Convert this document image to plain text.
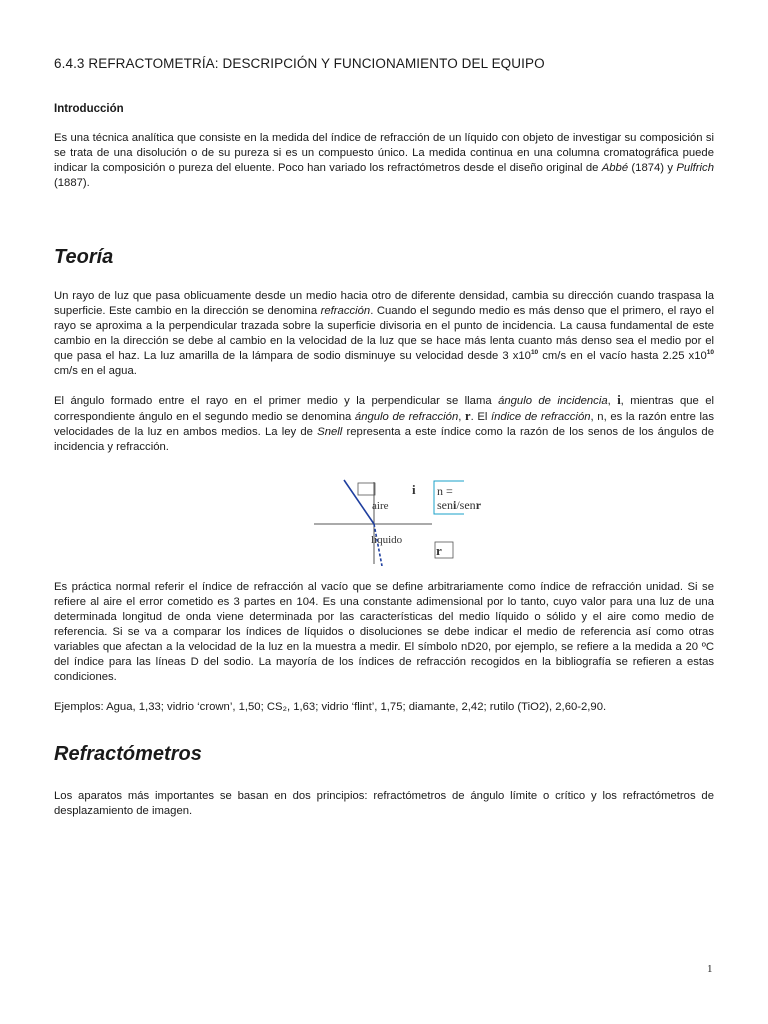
6.4.3 REFRACTOMETRÍA: DESCRIPCIÓN Y FUNCIONAMIENTO DEL EQUIPO
Introducción
Es una técnica analítica que consiste en la medida del índice de refracción de un líquido con objeto de investigar su composición si se trata de una disolución o de su pureza si es un compuesto único. La medida continua en una columna cromatográfica puede indicar la composición o pureza del eluente. Poco han variado los refractómetros desde el diseño original de Abbé (1874) y Pulfrich (1887).
Teoría
Un rayo de luz que pasa oblicuamente desde un medio hacia otro de diferente densidad, cambia su dirección cuando traspasa la superficie. Este cambio en la dirección se denomina refracción. Cuando el segundo medio es más denso que el primero, el rayo el rayo se aproxima a la perpendicular trazada sobre la superficie divisoria en el punto de incidencia. La causa fundamental de este cambio en la dirección se debe al cambio en la velocidad de la luz que se hace más lenta cuanto más denso sea el medio por el que pasa el haz. La luz amarilla de la lámpara de sodio disminuye su velocidad desde 3 $x10^{10}$ cm/s en el vacío hasta 2.25 $x10^{10}$ cm/s en el agua.
El ángulo formado entre el rayo en el primer medio y la perpendicular se llama ángulo de incidencia, i, mientras que el correspondiente ángulo en el segundo medio se denomina ángulo de refracción, r. El índice de refracción, n, es la razón entre las velocidades de la luz en ambos medios. La ley de Snell representa a este índice como la razón de los senos de los ángulos de incidencia y refracción.
aire
líquido
i
r
n =
seni/senr
Es práctica normal referir el índice de refracción al vacío que se define arbitrariamente como índice de refracción unidad. Si se refiere al aire el error cometido es 3 partes en 104. Es una constante adimensional por lo tanto, cuyo valor para una luz de una determinada longitud de onda viene determinada por las características del medio líquido o sólido y el aire como medio de referencia. Si se va a comparar los índices de líquidos o disoluciones se debe indicar el medio de referencia así como otras variables que afectan a la velocidad de la luz en la muestra a medir. El símbolo nD20, por ejemplo, se refiere a la medida a 20 ºC del índice para las líneas D del sodio. La mayoría de los índices de refracción recogidos en la bibliografía se refieren a estas condiciones.
Ejemplos: Agua, 1,33; vidrio ‘crown’, 1,50; CS₂, 1,63; vidrio ‘flint’, 1,75; diamante, 2,42; rutilo (TiO2), 2,60-2,90.
Refractómetros
Los aparatos más importantes se basan en dos principios: refractómetros de ángulo límite o crítico y los refractómetros de desplazamiento de imagen.
1
